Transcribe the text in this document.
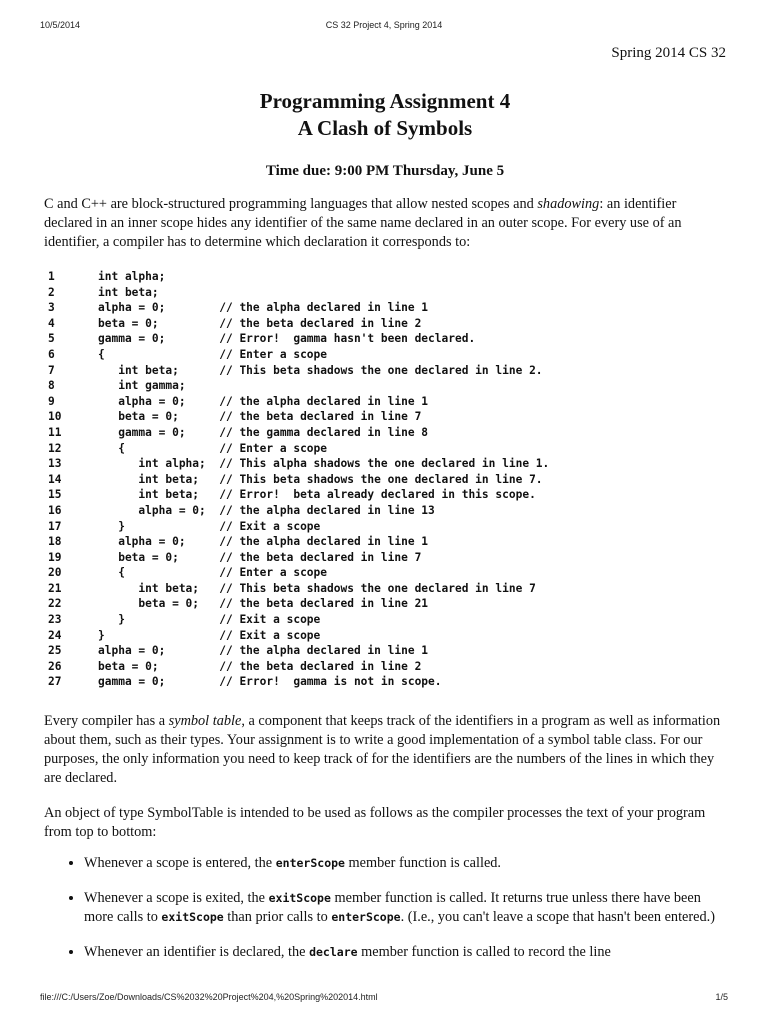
10/5/2014	CS 32 Project 4, Spring 2014
Spring 2014 CS 32
Programming Assignment 4
A Clash of Symbols
Time due: 9:00 PM Thursday, June 5

C and C++ are block-structured programming languages that allow nested scopes and shadowing: an identifier declared in an inner scope hides any identifier of the same name declared in an outer scope. For every use of an identifier, a compiler has to determine which declaration it corresponds to:

1	int alpha;
2	int beta;
3	alpha = 0;        // the alpha declared in line 1
4	beta = 0;         // the beta declared in line 2
5	gamma = 0;        // Error!  gamma hasn't been declared.
6	{                 // Enter a scope
7	int beta;      // This beta shadows the one declared in line 2.
8	int gamma;
9	alpha = 0;     // the alpha declared in line 1
10	beta = 0;      // the beta declared in line 7
11	gamma = 0;     // the gamma declared in line 8
12	{              // Enter a scope
13	int alpha;  // This alpha shadows the one declared in line 1.
14	int beta;   // This beta shadows the one declared in line 7.
15	int beta;   // Error!  beta already declared in this scope.
16	alpha = 0;  // the alpha declared in line 13
17	}              // Exit a scope
18	alpha = 0;     // the alpha declared in line 1
19	beta = 0;      // the beta declared in line 7
20	{              // Enter a scope
21	int beta;   // This beta shadows the one declared in line 7
22	beta = 0;   // the beta declared in line 21
23	}              // Exit a scope
24	}                 // Exit a scope
25	alpha = 0;        // the alpha declared in line 1
26	beta = 0;         // the beta declared in line 2
27	gamma = 0;        // Error!  gamma is not in scope.

Every compiler has a symbol table, a component that keeps track of the identifiers in a program as well as information about them, such as their types. Your assignment is to write a good implementation of a symbol table class. For our purposes, the only information you need to keep track of for the identifiers are the numbers of the lines in which they are declared.

An object of type SymbolTable is intended to be used as follows as the compiler processes the text of your program from top to bottom:

• Whenever a scope is entered, the enterScope member function is called.
• Whenever a scope is exited, the exitScope member function is called. It returns true unless there have been more calls to exitScope than prior calls to enterScope. (I.e., you can't leave a scope that hasn't been entered.)
• Whenever an identifier is declared, the declare member function is called to record the line
file:///C:/Users/Zoe/Downloads/CS%2032%20Project%204,%20Spring%202014.html	1/5
